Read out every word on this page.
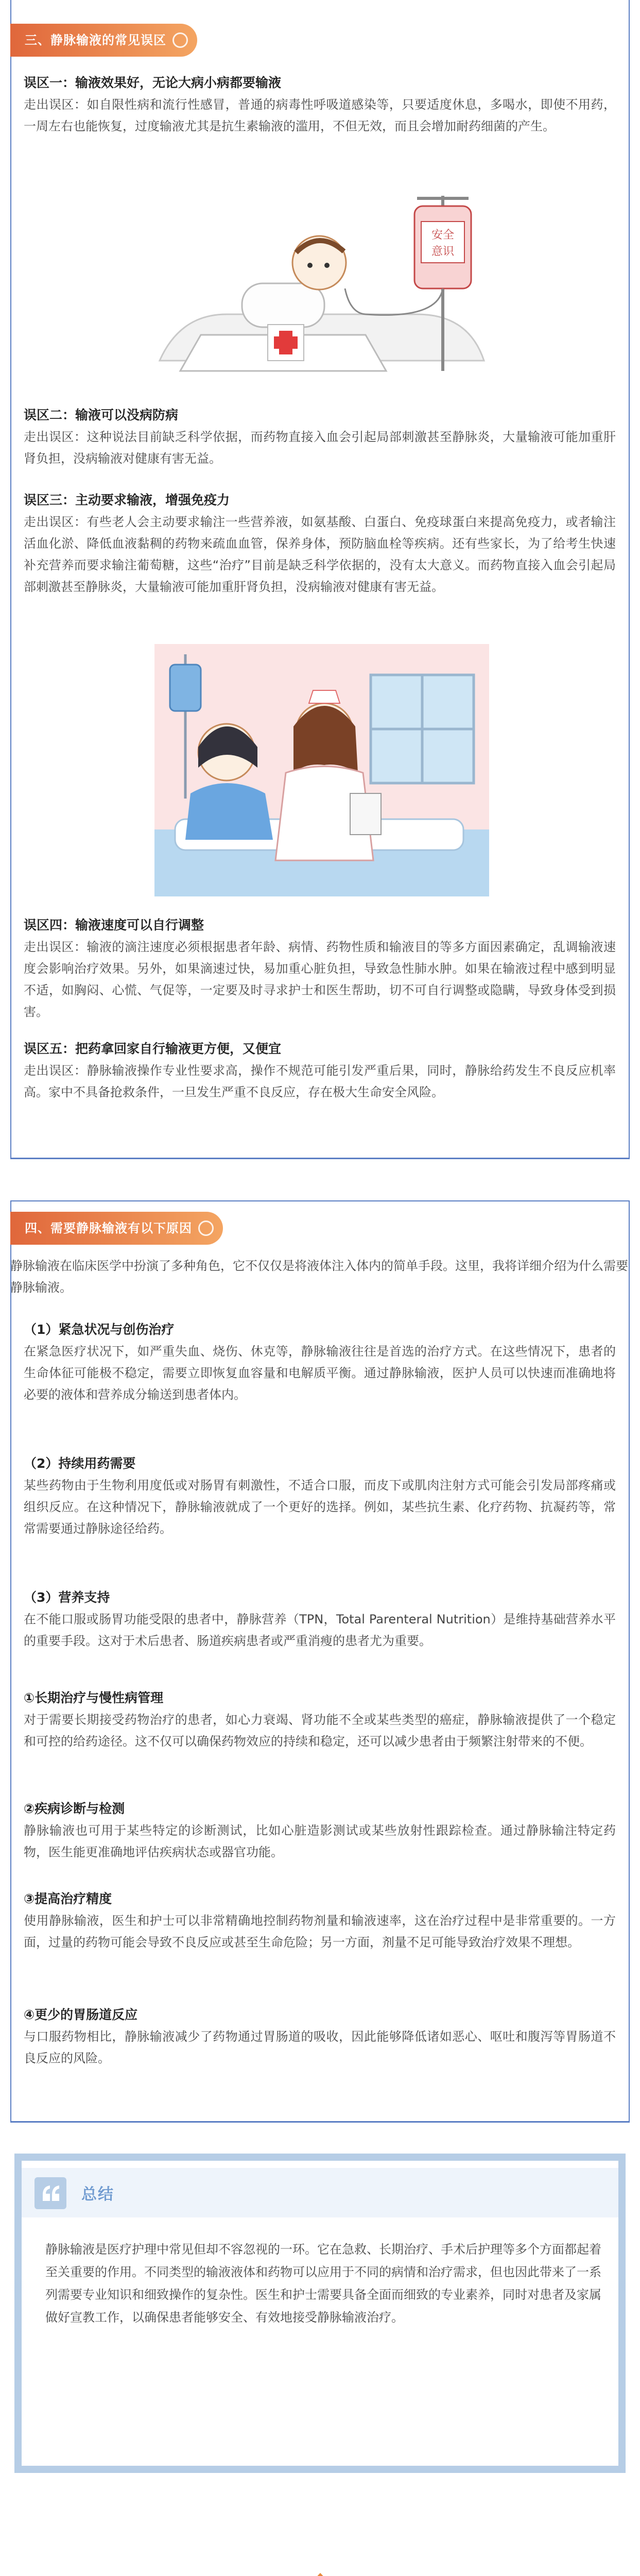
三、静脉输液的常见误区
误区一：输液效果好，无论大病小病都要输液
走出误区：如自限性病和流行性感冒，普通的病毒性呼吸道感染等，只要适度休息，多喝水，即使不用药，一周左右也能恢复，过度输液尤其是抗生素输液的滥用，不但无效，而且会增加耐药细菌的产生。
安全
意识
误区二：输液可以没病防病
走出误区：这种说法目前缺乏科学依据，而药物直接入血会引起局部刺激甚至静脉炎，大量输液可能加重肝肾负担，没病输液对健康有害无益。
误区三：主动要求输液，增强免疫力
走出误区：有些老人会主动要求输注一些营养液，如氨基酸、白蛋白、免疫球蛋白来提高免疫力，或者输注活血化淤、降低血液黏稠的药物来疏血血管，保养身体，预防脑血栓等疾病。还有些家长，为了给考生快速补充营养而要求输注葡萄糖，这些“治疗”目前是缺乏科学依据的，没有太大意义。而药物直接入血会引起局部刺激甚至静脉炎，大量输液可能加重肝肾负担，没病输液对健康有害无益。
误区四：输液速度可以自行调整
走出误区：输液的滴注速度必须根据患者年龄、病情、药物性质和输液目的等多方面因素确定，乱调输液速度会影响治疗效果。另外，如果滴速过快，易加重心脏负担，导致急性肺水肿。如果在输液过程中感到明显不适，如胸闷、心慌、气促等，一定要及时寻求护士和医生帮助，切不可自行调整或隐瞒，导致身体受到损害。
误区五：把药拿回家自行输液更方便，又便宜
走出误区：静脉输液操作专业性要求高，操作不规范可能引发严重后果，同时，静脉给药发生不良反应机率高。家中不具备抢救条件，一旦发生严重不良反应，存在极大生命安全风险。
四、需要静脉输液有以下原因
静脉输液在临床医学中扮演了多种角色，它不仅仅是将液体注入体内的简单手段。这里，我将详细介绍为什么需要静脉输液。
（1）紧急状况与创伤治疗
在紧急医疗状况下，如严重失血、烧伤、休克等，静脉输液往往是首选的治疗方式。在这些情况下，患者的生命体征可能极不稳定，需要立即恢复血容量和电解质平衡。通过静脉输液，医护人员可以快速而准确地将必要的液体和营养成分输送到患者体内。
（2）持续用药需要
某些药物由于生物利用度低或对肠胃有刺激性，不适合口服，而皮下或肌肉注射方式可能会引发局部疼痛或组织反应。在这种情况下，静脉输液就成了一个更好的选择。例如，某些抗生素、化疗药物、抗凝药等，常常需要通过静脉途径给药。
（3）营养支持
在不能口服或肠胃功能受限的患者中，静脉营养（TPN，Total Parenteral Nutrition）是维持基础营养水平的重要手段。这对于术后患者、肠道疾病患者或严重消瘦的患者尤为重要。
①长期治疗与慢性病管理
对于需要长期接受药物治疗的患者，如心力衰竭、肾功能不全或某些类型的癌症，静脉输液提供了一个稳定和可控的给药途径。这不仅可以确保药物效应的持续和稳定，还可以减少患者由于频繁注射带来的不便。
②疾病诊断与检测
静脉输液也可用于某些特定的诊断测试，比如心脏造影测试或某些放射性跟踪检查。通过静脉输注特定药物，医生能更准确地评估疾病状态或器官功能。
③提高治疗精度
使用静脉输液，医生和护士可以非常精确地控制药物剂量和输液速率，这在治疗过程中是非常重要的。一方面，过量的药物可能会导致不良反应或甚至生命危险；另一方面，剂量不足可能导致治疗效果不理想。
④更少的胃肠道反应
与口服药物相比，静脉输液减少了药物通过胃肠道的吸收，因此能够降低诸如恶心、呕吐和腹泻等胃肠道不良反应的风险。
总结
静脉输液是医疗护理中常见但却不容忽视的一环。它在急救、长期治疗、手术后护理等多个方面都起着至关重要的作用。不同类型的输液液体和药物可以应用于不同的病情和治疗需求，但也因此带来了一系列需要专业知识和细致操作的复杂性。医生和护士需要具备全面而细致的专业素养，同时对患者及家属做好宣教工作，以确保患者能够安全、有效地接受静脉输液治疗。
